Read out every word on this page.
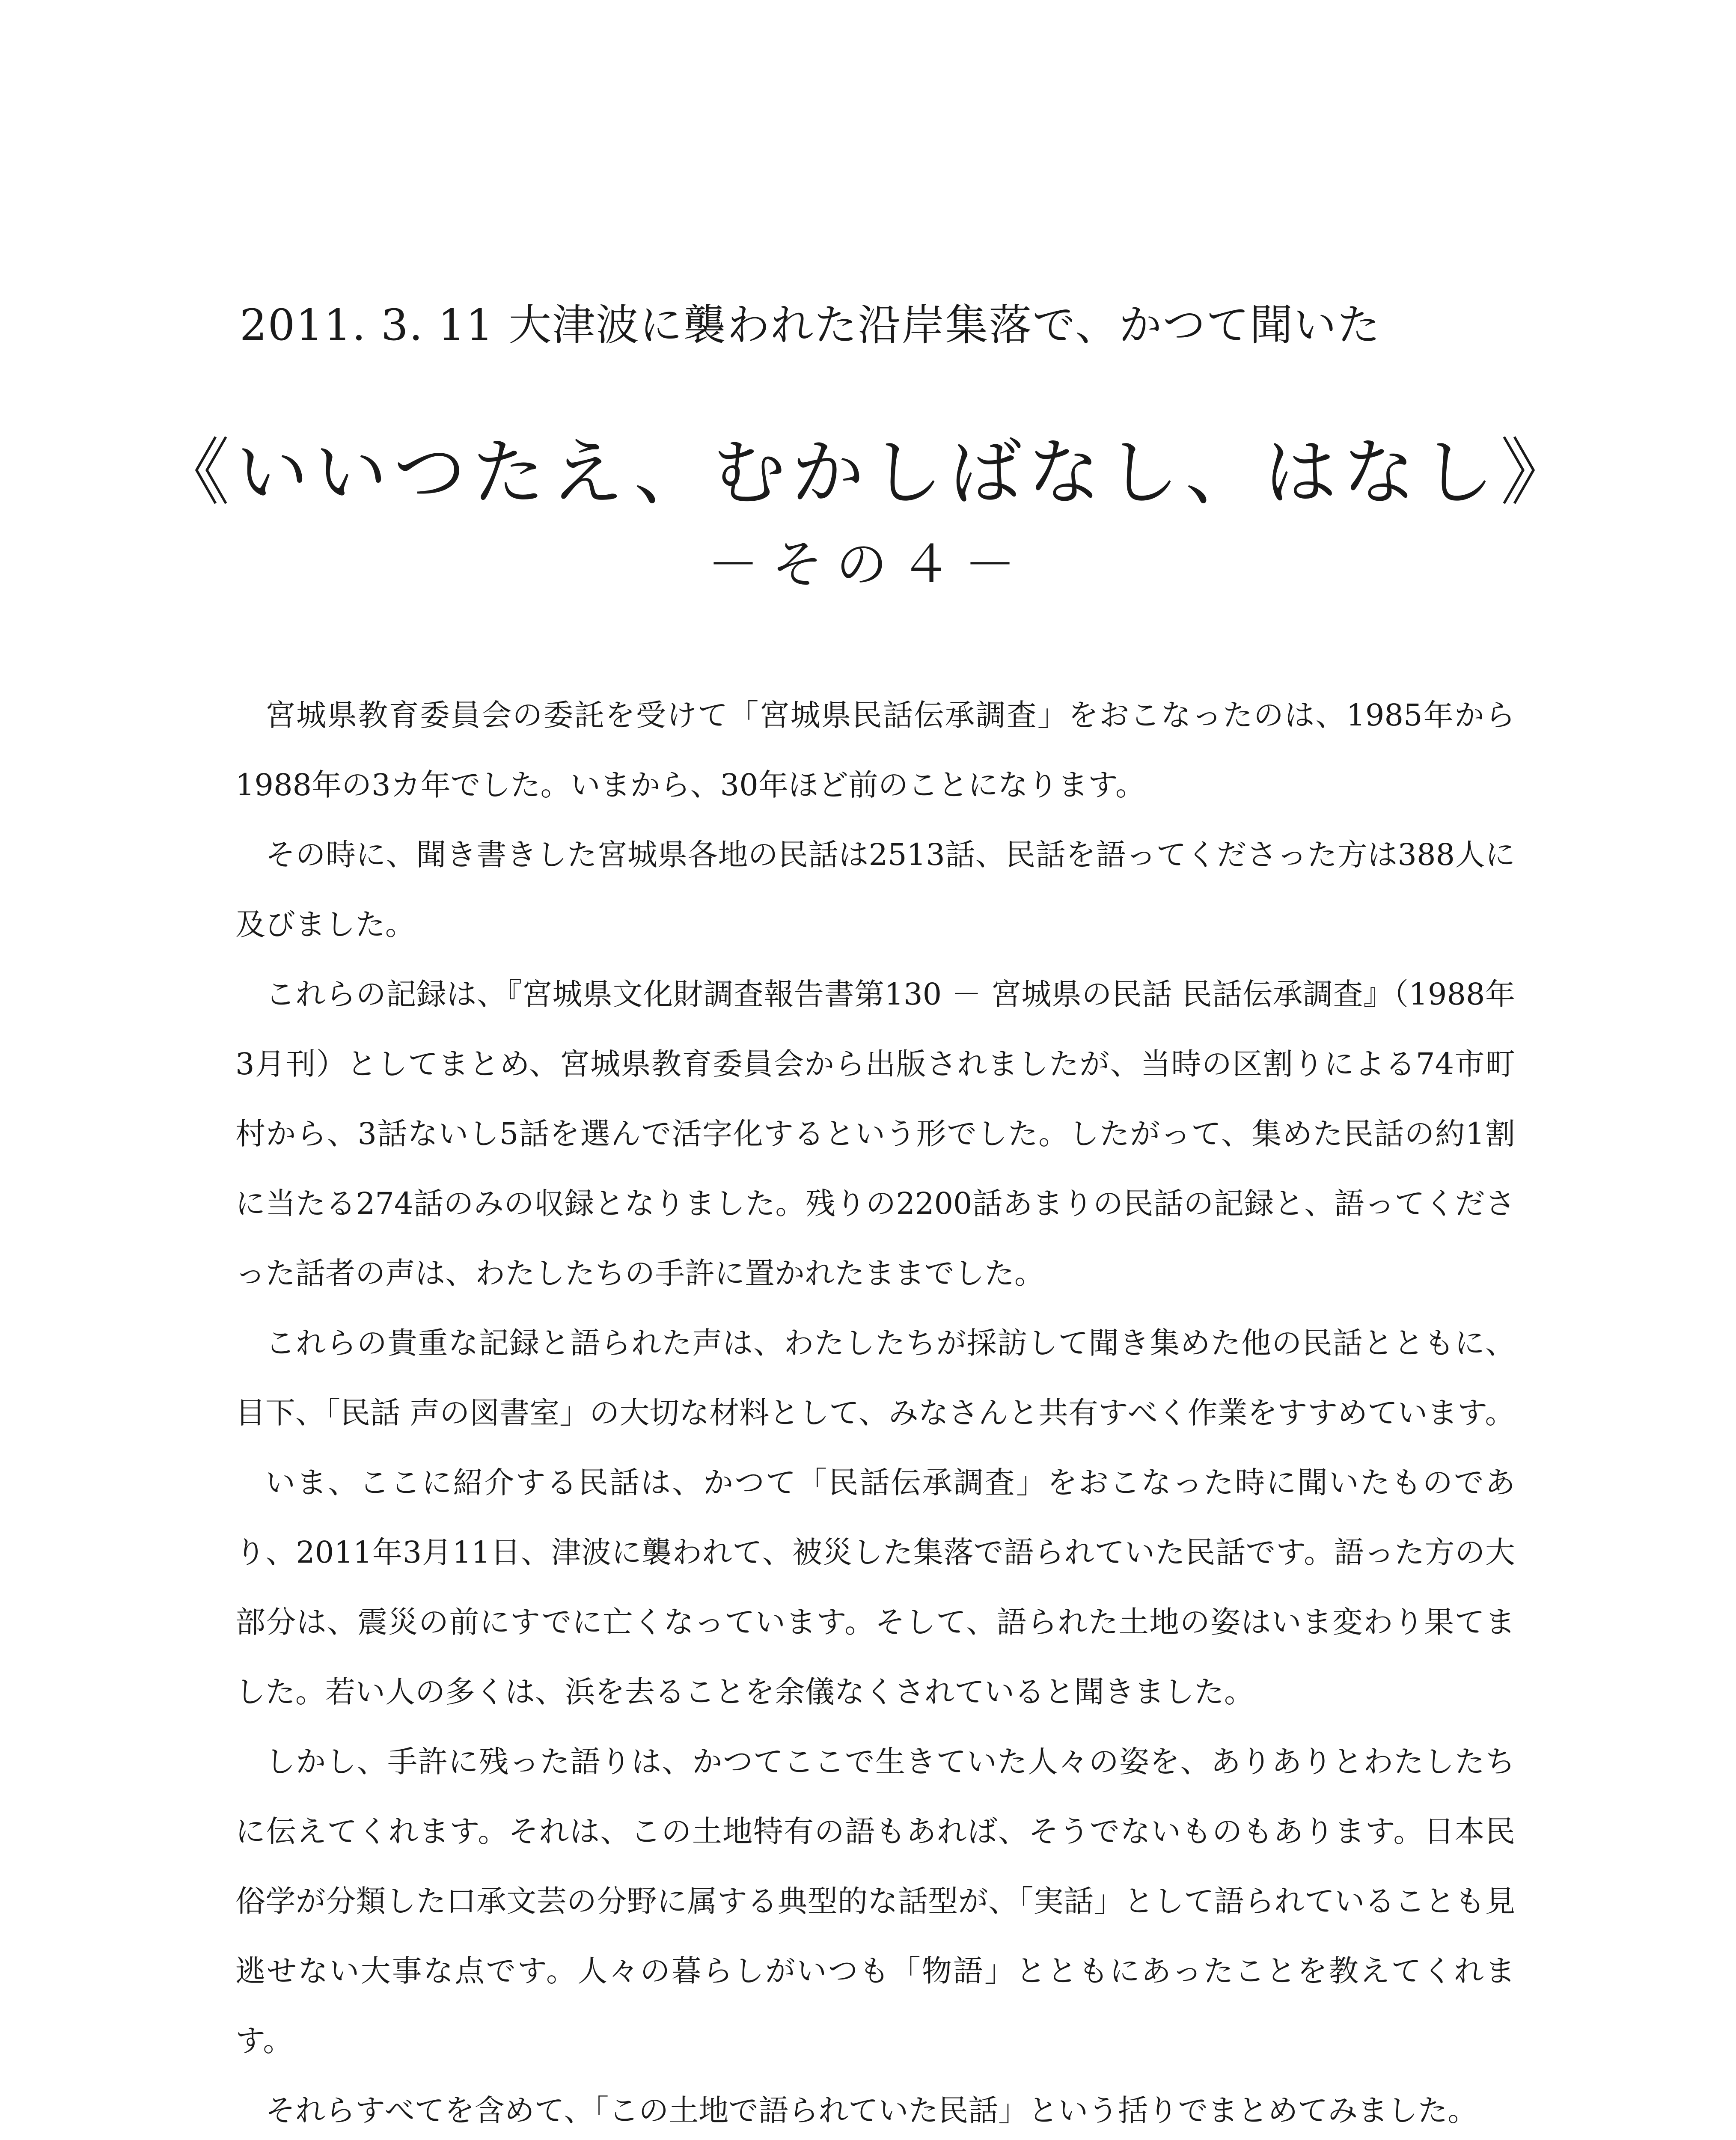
2011. 3. 11 大津波に襲われた沿岸集落で、かつて聞いた
《いいつたえ、むかしばなし、はなし》
－その４－

宮城県教育委員会の委託を受けて「宮城県民話伝承調査」をおこなったのは、1985年から1988年の3カ年でした。いまから、30年ほど前のことになります。

その時に、聞き書きした宮城県各地の民話は2513話、民話を語ってくださった方は388人に及びました。

これらの記録は、『宮城県文化財調査報告書第130 － 宮城県の民話 民話伝承調査』（1988年3月刊）としてまとめ、宮城県教育委員会から出版されましたが、当時の区割りによる74市町村から、3話ないし5話を選んで活字化するという形でした。したがって、集めた民話の約1割に当たる274話のみの収録となりました。残りの2200話あまりの民話の記録と、語ってくださった話者の声は、わたしたちの手許に置かれたままでした。

これらの貴重な記録と語られた声は、わたしたちが採訪して聞き集めた他の民話とともに、目下、「民話 声の図書室」の大切な材料として、みなさんと共有すべく作業をすすめています。

いま、ここに紹介する民話は、かつて「民話伝承調査」をおこなった時に聞いたものであり、2011年3月11日、津波に襲われて、被災した集落で語られていた民話です。語った方の大部分は、震災の前にすでに亡くなっています。そして、語られた土地の姿はいま変わり果てました。若い人の多くは、浜を去ることを余儀なくされていると聞きました。

しかし、手許に残った語りは、かつてここで生きていた人々の姿を、ありありとわたしたちに伝えてくれます。それは、この土地特有の語もあれば、そうでないものもあります。日本民俗学が分類した口承文芸の分野に属する典型的な話型が、「実話」として語られていることも見逃せない大事な点です。人々の暮らしがいつも「物語」とともにあったことを教えてくれます。

それらすべてを含めて、「この土地で語られていた民話」という括りでまとめてみました。
